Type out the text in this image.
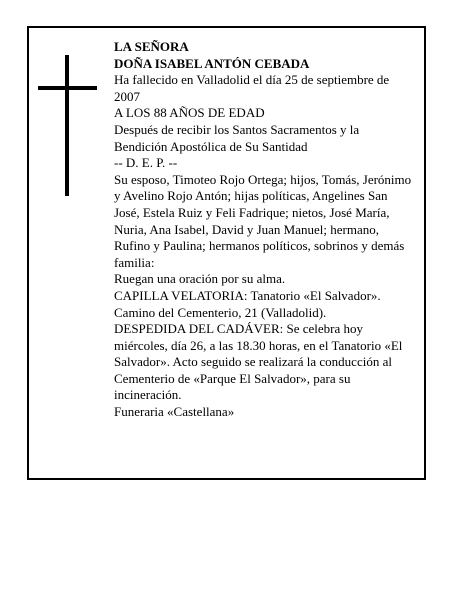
LA SEÑORA

DOÑA ISABEL ANTÓN CEBADA

Ha fallecido en Valladolid el día 25 de septiembre de 2007

A LOS 88 AÑOS DE EDAD

Después de recibir los Santos Sacramentos y la Bendición Apostólica de Su Santidad

-- D. E. P. --

Su esposo, Timoteo Rojo Ortega; hijos, Tomás, Jerónimo y Avelino Rojo Antón; hijas políticas, Angelines San José, Estela Ruiz y Feli Fadrique; nietos, José María, Nuria, Ana Isabel, David y Juan Manuel; hermano, Rufino y Paulina; hermanos políticos, sobrinos y demás familia:

Ruegan una oración por su alma.

CAPILLA VELATORIA: Tanatorio «El Salvador». Camino del Cementerio, 21 (Valladolid).

DESPEDIDA DEL CADÁVER: Se celebra hoy miércoles, día 26, a las 18.30 horas, en el Tanatorio «El Salvador». Acto seguido se realizará la conducción al Cementerio de «Parque El Salvador», para su incineración.

Funeraria «Castellana»
